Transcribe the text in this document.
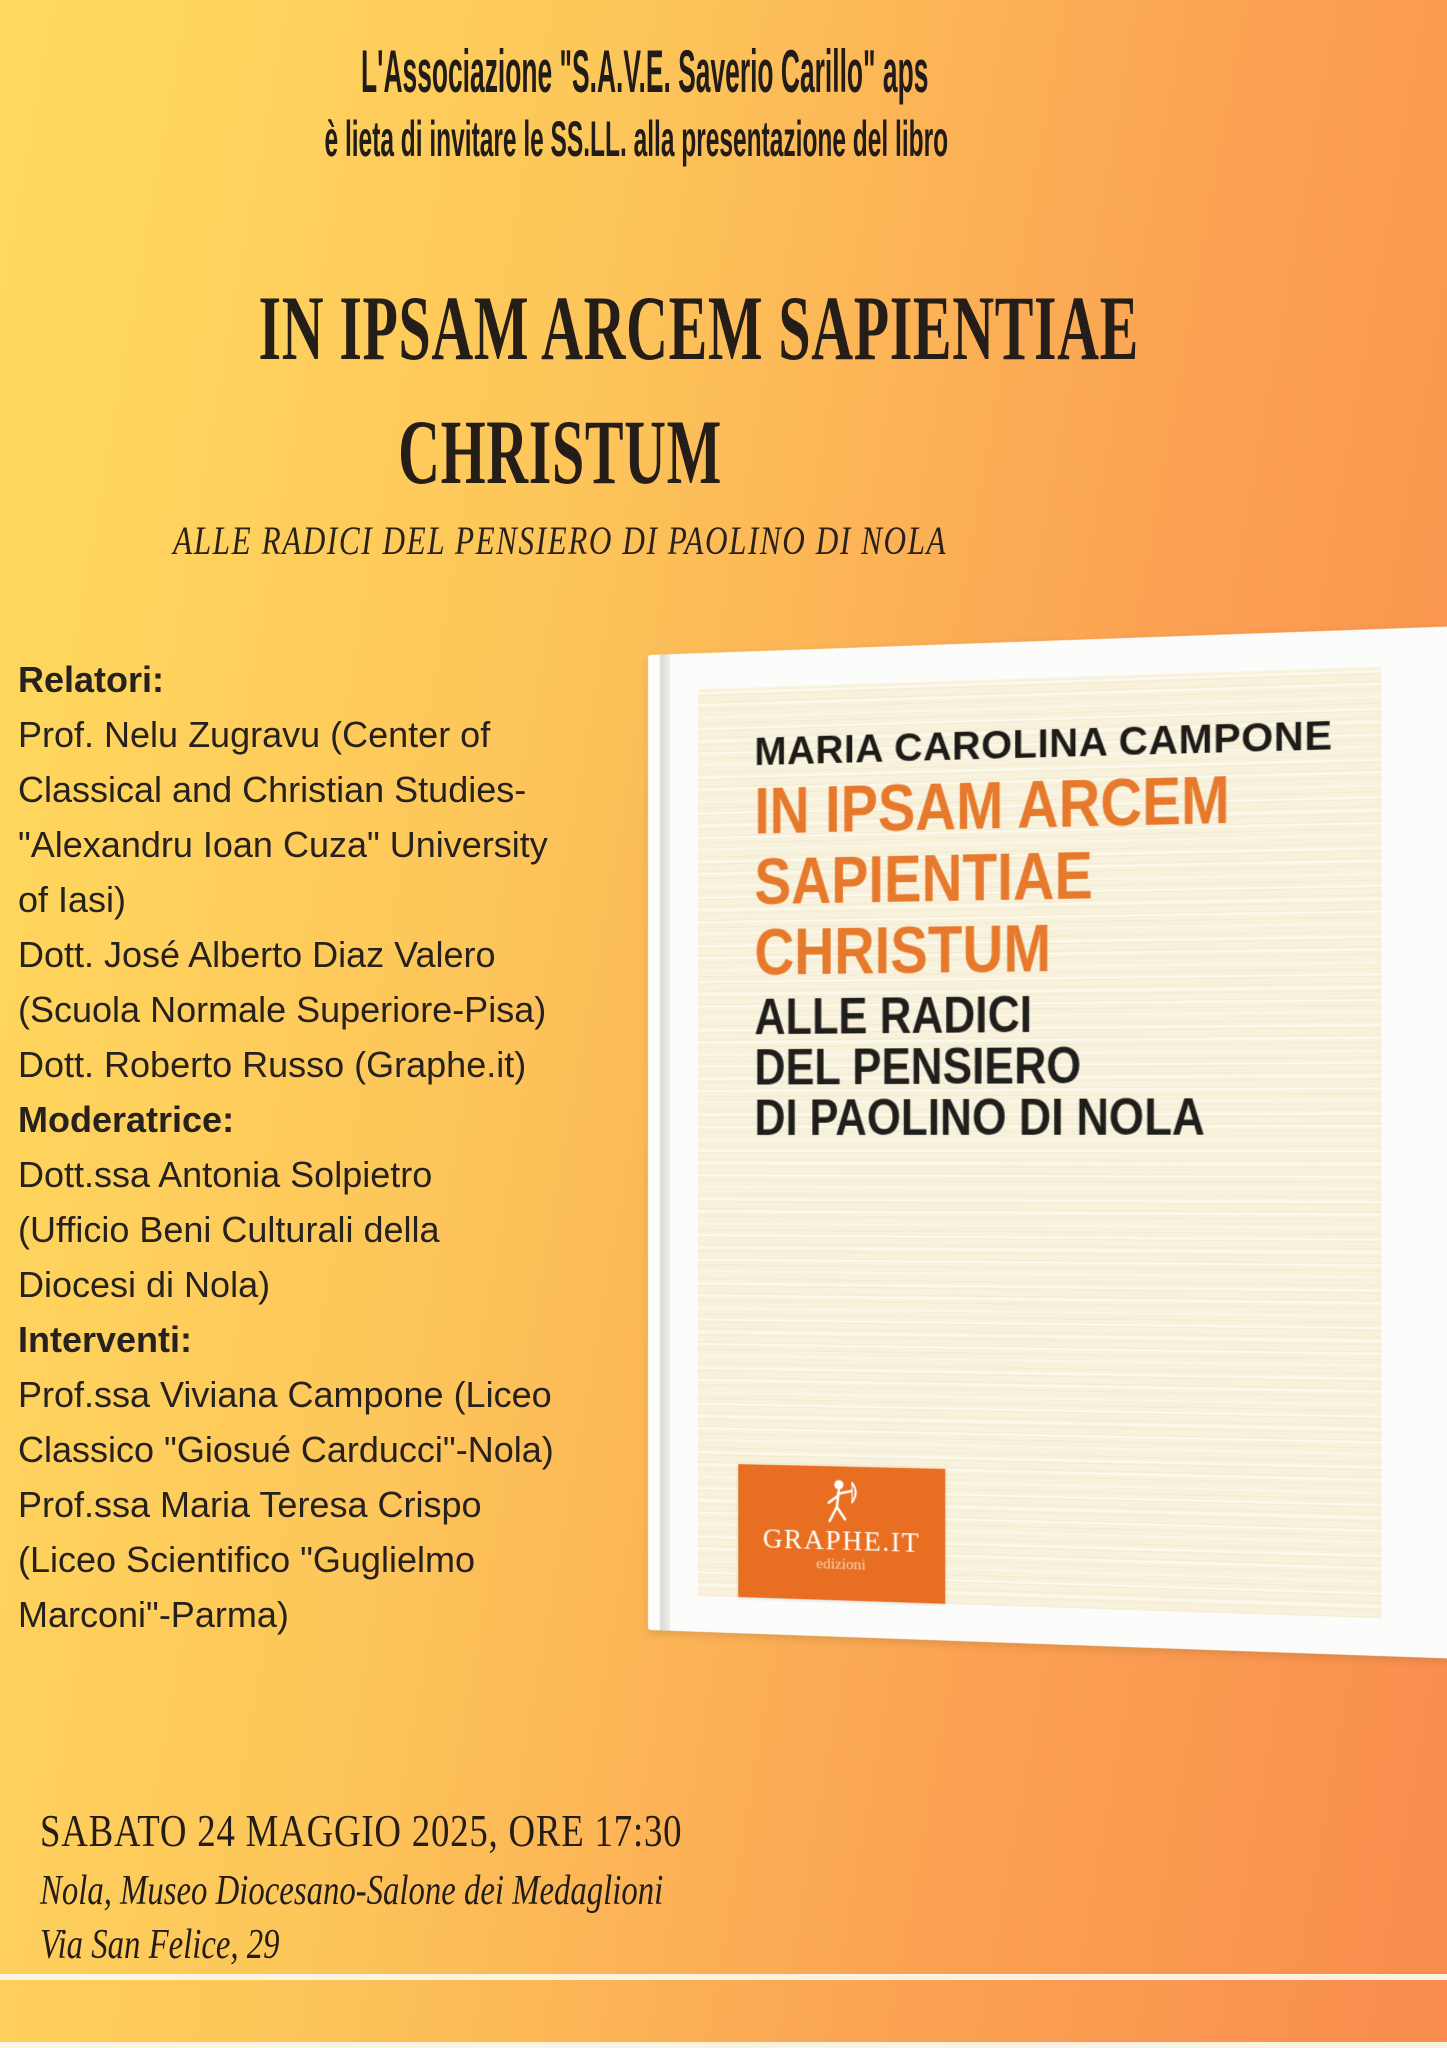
L'Associazione "S.A.V.E. Saverio Carillo" aps
è lieta di invitare le SS.LL. alla presentazione del libro
IN IPSAM ARCEM SAPIENTIAE
CHRISTUM
ALLE RADICI DEL PENSIERO DI PAOLINO DI NOLA
Relatori:
Prof. Nelu Zugravu (Center of
Classical and Christian Studies-
"Alexandru Ioan Cuza" University
of Iasi)
Dott. José Alberto Diaz Valero
(Scuola Normale Superiore-Pisa)
Dott. Roberto Russo (Graphe.it)
Moderatrice:
Dott.ssa Antonia Solpietro
(Ufficio Beni Culturali della
Diocesi di Nola)
Interventi:
Prof.ssa Viviana Campone (Liceo
Classico "Giosué Carducci"-Nola)
Prof.ssa Maria Teresa Crispo
(Liceo Scientifico "Guglielmo
Marconi"-Parma)
MARIA CAROLINA CAMPONE
IN IPSAM ARCEM
SAPIENTIAE
CHRISTUM
ALLE RADICI
DEL PENSIERO
DI PAOLINO DI NOLA
GRAPHE.IT
edizioni
SABATO 24 MAGGIO 2025, ORE 17:30
Nola, Museo Diocesano-Salone dei Medaglioni
Via San Felice, 29
